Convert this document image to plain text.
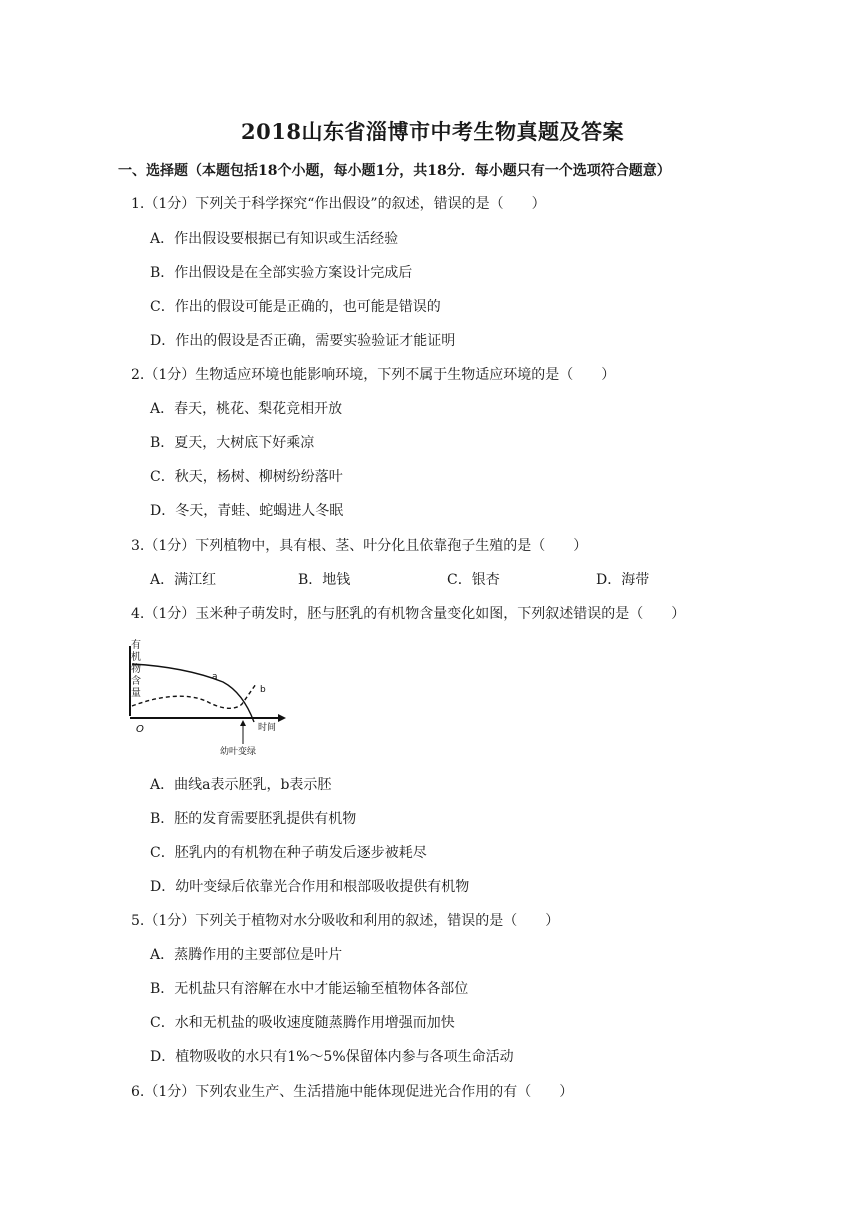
2018山东省淄博市中考生物真题及答案
一、选择题（本题包括18个小题，每小题1分，共18分．每小题只有一个选项符合题意）
1.（1分）下列关于科学探究“作出假设”的叙述，错误的是（　　）
A．作出假设要根据已有知识或生活经验
B．作出假设是在全部实验方案设计完成后
C．作出的假设可能是正确的，也可能是错误的
D．作出的假设是否正确，需要实验验证才能证明
2.（1分）生物适应环境也能影响环境，下列不属于生物适应环境的是（　　）
A．春天，桃花、梨花竞相开放
B．夏天，大树底下好乘凉
C．秋天，杨树、柳树纷纷落叶
D．冬天，青蛙、蛇蝎进人冬眠
3.（1分）下列植物中，具有根、茎、叶分化且依靠孢子生殖的是（　　）
A．满江红	B．地钱	C．银杏	D．海带
4.（1分）玉米种子萌发时，胚与胚乳的有机物含量变化如图，下列叙述错误的是（　　）
有
机
物
含
量
a
b
O	时间
幼叶变绿
A．曲线a表示胚乳，b表示胚
B．胚的发育需要胚乳提供有机物
C．胚乳内的有机物在种子萌发后逐步被耗尽
D．幼叶变绿后依靠光合作用和根部吸收提供有机物
5.（1分）下列关于植物对水分吸收和利用的叙述，错误的是（　　）
A．蒸腾作用的主要部位是叶片
B．无机盐只有溶解在水中才能运输至植物体各部位
C．水和无机盐的吸收速度随蒸腾作用增强而加快
D．植物吸收的水只有1%～5%保留体内参与各项生命活动
6.（1分）下列农业生产、生活措施中能体现促进光合作用的有（　　）
